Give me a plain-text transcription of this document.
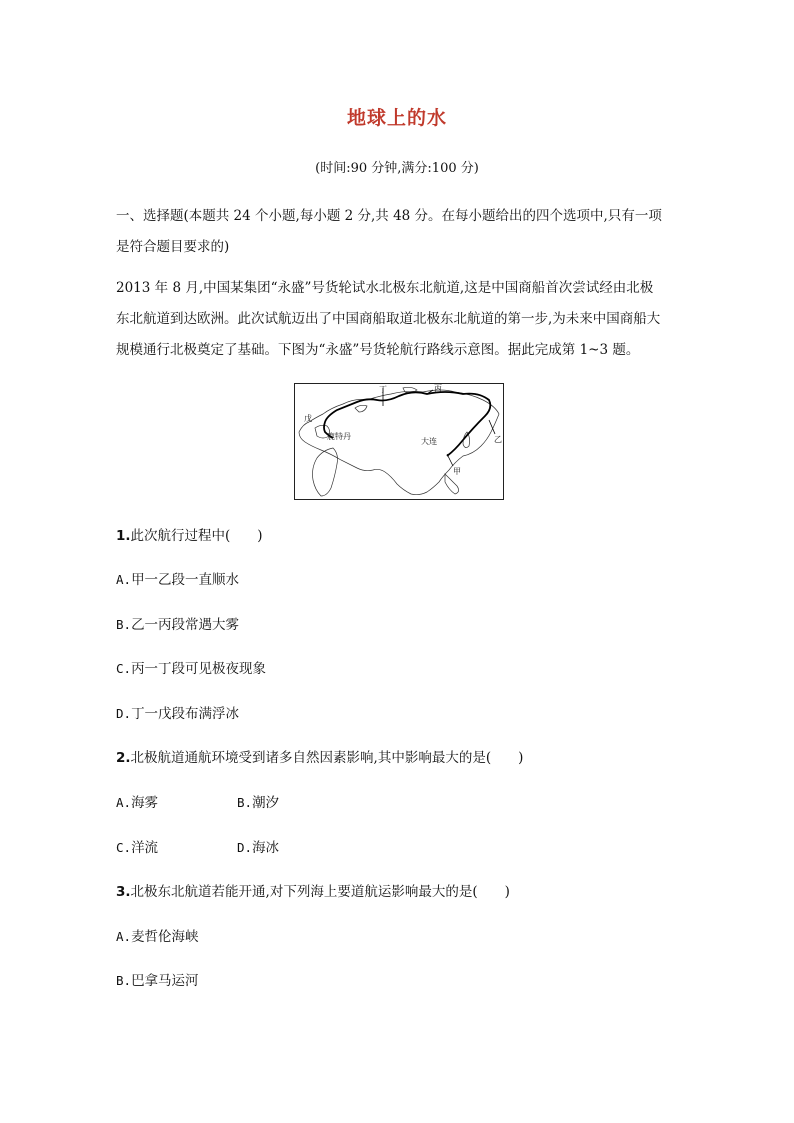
地球上的水
(时间:90 分钟,满分:100 分)
一、选择题(本题共 24 个小题,每小题 2 分,共 48 分。在每小题给出的四个选项中,只有一项
是符合题目要求的)
2013 年 8 月,中国某集团“永盛”号货轮试水北极东北航道,这是中国商船首次尝试经由北极
东北航道到达欧洲。此次试航迈出了中国商船取道北极东北航道的第一步,为未来中国商船大
规模通行北极奠定了基础。下图为“永盛”号货轮航行路线示意图。据此完成第 1~3 题。
丁	丙
戊
鹿特丹
大连
甲
乙
1.此次航行过程中(　　)
A.甲一乙段一直顺水
B.乙一丙段常遇大雾
C.丙一丁段可见极夜现象
D.丁一戊段布满浮冰
2.北极航道通航环境受到诸多自然因素影响,其中影响最大的是(　　)
A.海雾	B.潮汐
C.洋流	D.海冰
3.北极东北航道若能开通,对下列海上要道航运影响最大的是(　　)
A.麦哲伦海峡
B.巴拿马运河
